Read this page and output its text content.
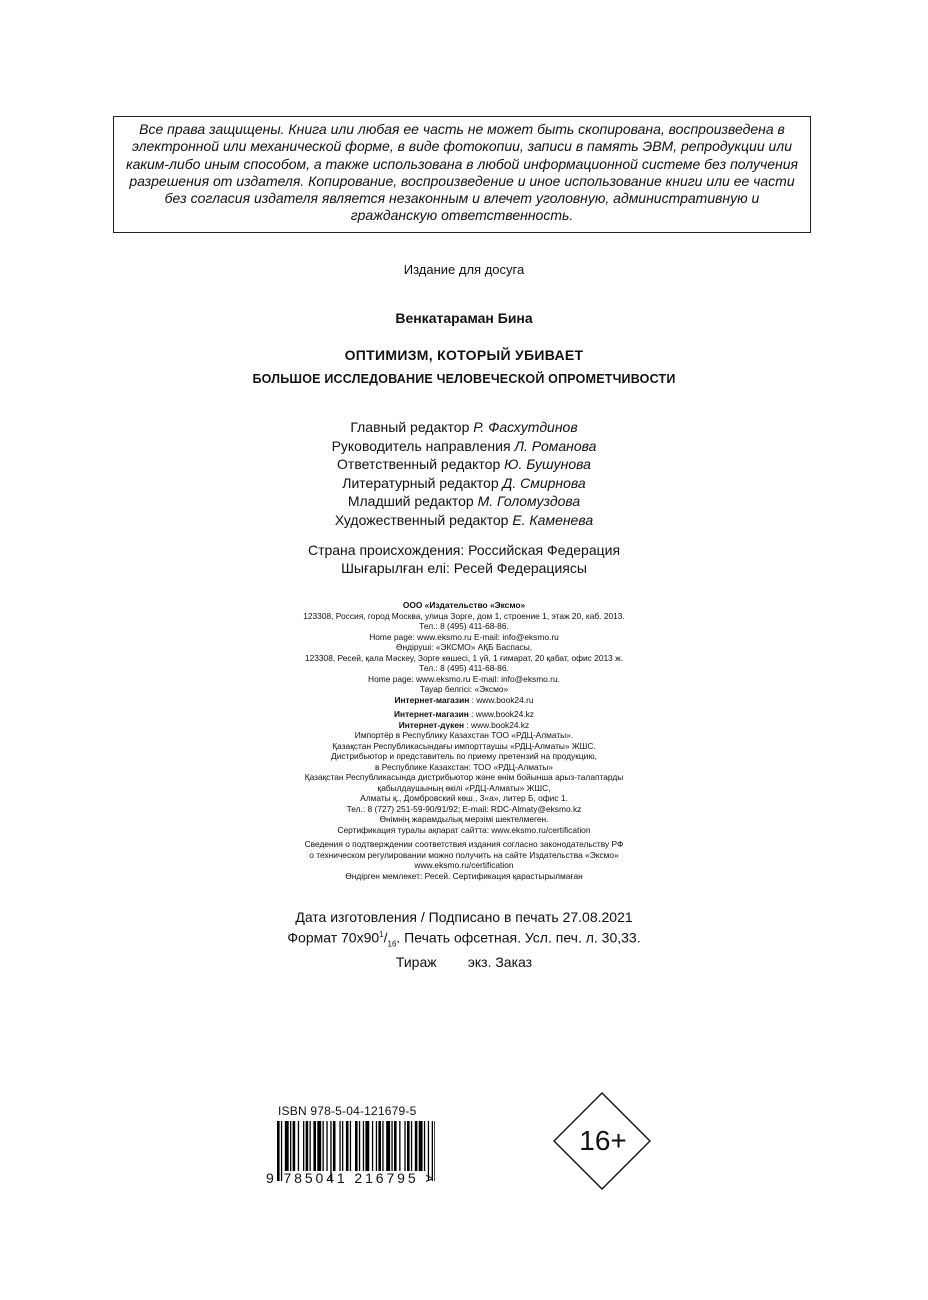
Все права защищены. Книга или любая ее часть не может быть скопирована, воспроизведена в электронной или механической форме, в виде фотокопии, записи в память ЭВМ, репродукции или каким-либо иным способом, а также использована в любой информационной системе без получения разрешения от издателя. Копирование, воспроизведение и иное использование книги или ее части без согласия издателя является незаконным и влечет уголовную, административную и гражданскую ответственность.
Издание для досуга
Венкатараман Бина
ОПТИМИЗМ, КОТОРЫЙ УБИВАЕТ
БОЛЬШОЕ ИССЛЕДОВАНИЕ ЧЕЛОВЕЧЕСКОЙ ОПРОМЕТЧИВОСТИ
Главный редактор Р. Фасхутдинов
Руководитель направления Л. Романова
Ответственный редактор Ю. Бушунова
Литературный редактор Д. Смирнова
Младший редактор М. Голомуздова
Художественный редактор Е. Каменева
Страна происхождения: Российская Федерация
Шығарылған елі: Ресей Федерациясы
ООО «Издательство «Эксмо»
123308, Россия, город Москва, улица Зорге, дом 1, строение 1, этаж 20, каб. 2013.
Тел.: 8 (495) 411-68-86.
Home page: www.eksmo.ru E-mail: info@eksmo.ru
Өндіруші: «ЭКСМО» АҚБ Баспасы,
123308, Ресей, қала Мәскеу, Зорге көшесі, 1 үй, 1 ғимарат, 20 қабат, офис 2013 ж.
Тел.: 8 (495) 411-68-86.
Home page: www.eksmo.ru E-mail: info@eksmo.ru.
Тауар белгісі: «Эксмо»
Интернет-магазин : www.book24.ru
Интернет-магазин : www.book24.kz
Интернет-дүкен : www.book24.kz
Импортёр в Республику Казахстан ТОО «РДЦ-Алматы».
Қазақстан Республикасындағы импорттаушы «РДЦ-Алматы» ЖШС.
Дистрибьютор и представитель по приему претензий на продукцию,
в Республике Казахстан: ТОО «РДЦ-Алматы»
Қазақстан Республикасында дистрибьютор және өнім бойынша арыз-талаптарды
қабылдаушының өкілі «РДЦ-Алматы» ЖШС,
Алматы қ., Домбровский көш., 3«а», литер Б, офис 1.
Тел.: 8 (727) 251-59-90/91/92; E-mail: RDC-Almaty@eksmo.kz
Өнімнің жарамдылық мерзімі шектелмеген.
Сертификация туралы ақпарат сайтта: www.eksmo.ru/certification
Сведения о подтверждении соответствия издания согласно законодательству РФ
о техническом регулировании можно получить на сайте Издательства «Эксмо»
www.eksmo.ru/certification
Өндірген мемлекет: Ресей. Сертификация қарастырылмаған
Дата изготовления / Подписано в печать 27.08.2021
Формат $70x90^1/_{16}$. Печать офсетная. Усл. печ. л. 30,33.
Тираж        экз. Заказ
ISBN 978-5-04-121679-5
9 785041 216795 >
16+
